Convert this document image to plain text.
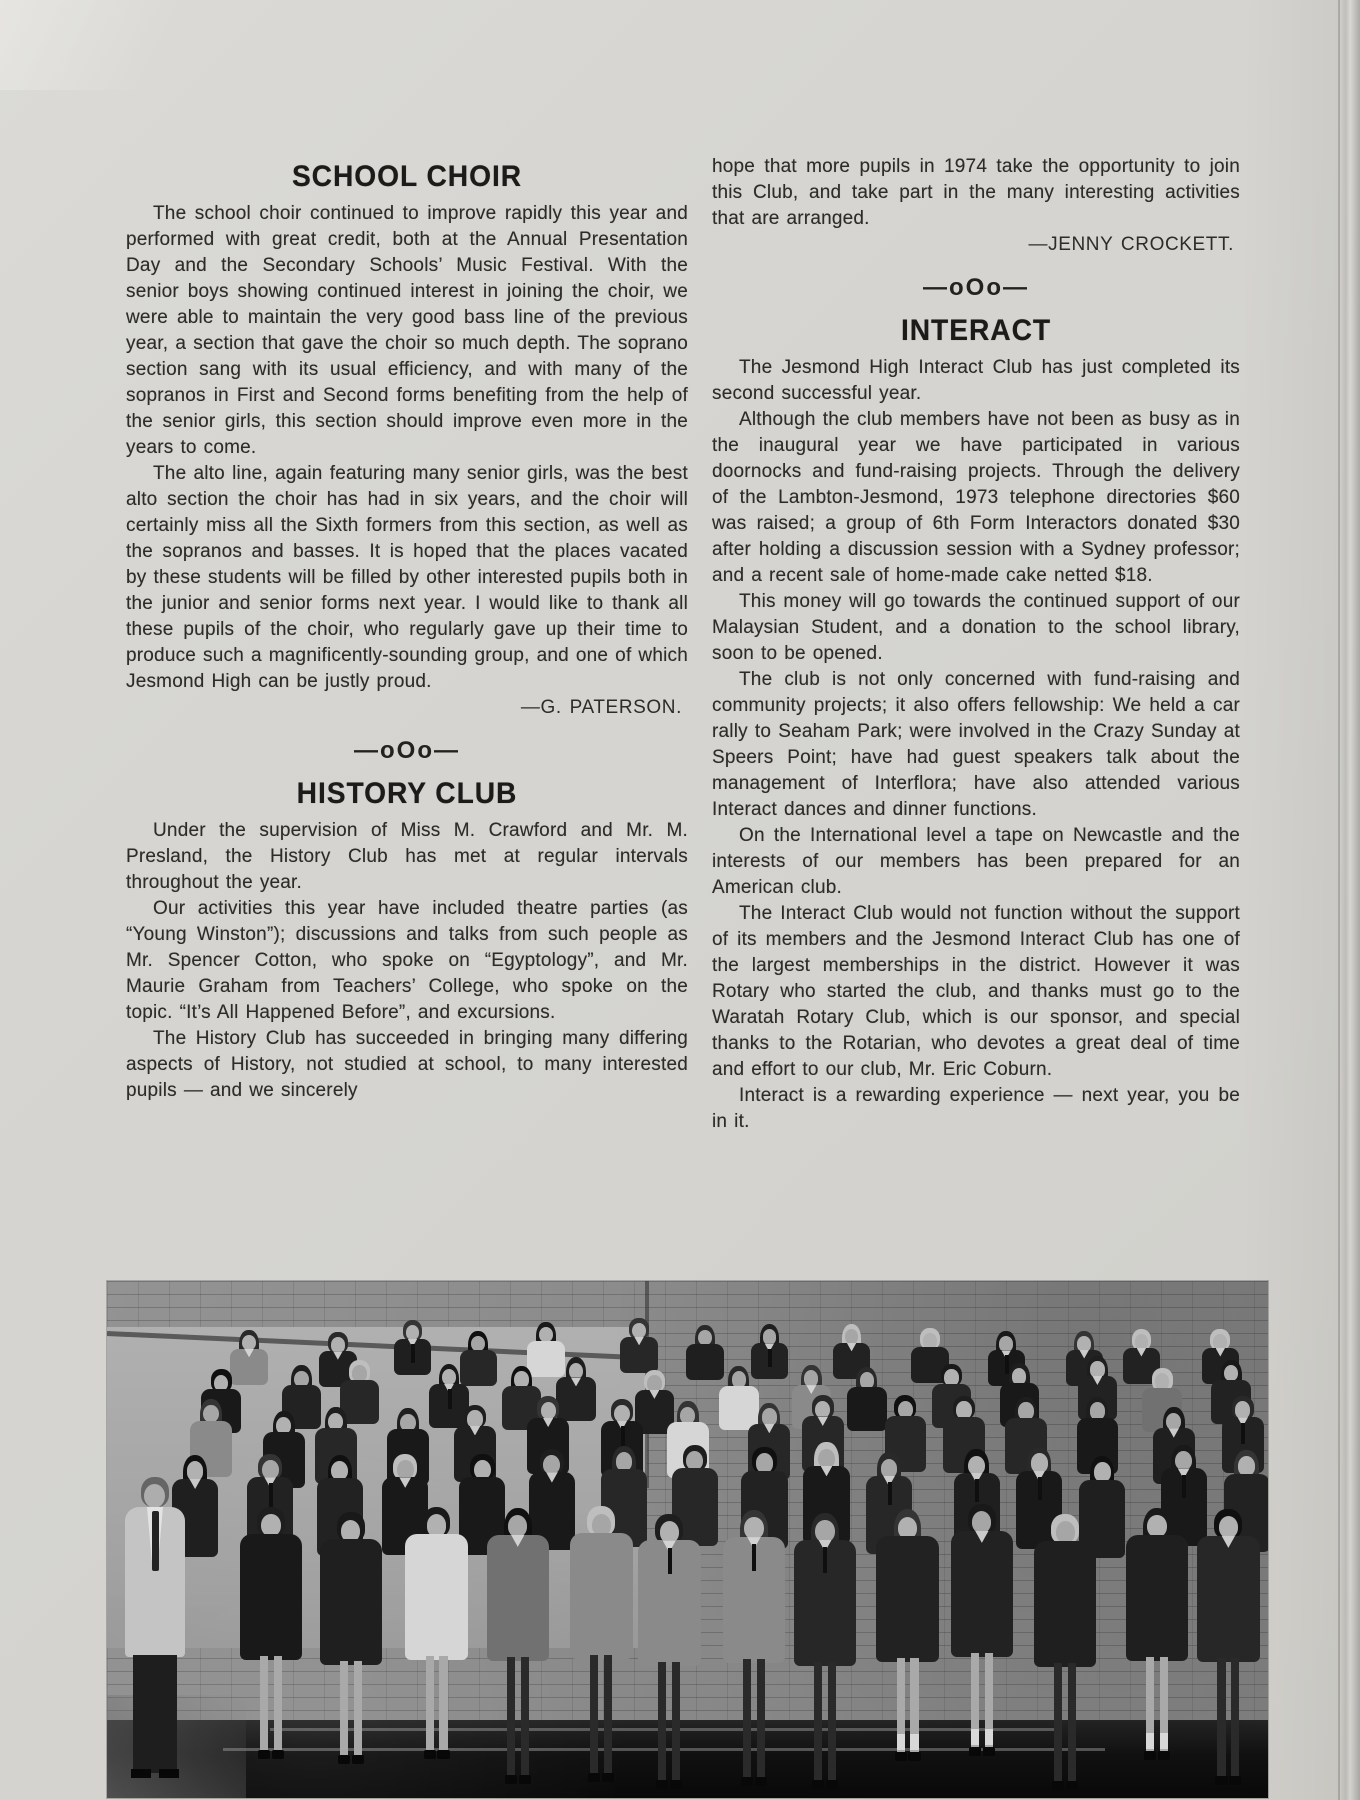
SCHOOL CHOIR

The school choir continued to improve rapidly this year and performed with great credit, both at the Annual Presentation Day and the Secondary Schools’ Music Festival. With the senior boys showing continued interest in joining the choir, we were able to maintain the very good bass line of the previous year, a section that gave the choir so much depth. The soprano section sang with its usual efficiency, and with many of the sopranos in First and Second forms benefiting from the help of the senior girls, this section should improve even more in the years to come.

The alto line, again featuring many senior girls, was the best alto section the choir has had in six years, and the choir will certainly miss all the Sixth formers from this section, as well as the sopranos and basses. It is hoped that the places vacated by these students will be filled by other interested pupils both in the junior and senior forms next year. I would like to thank all these pupils of the choir, who regularly gave up their time to produce such a magnificently-sounding group, and one of which Jesmond High can be justly proud.

—G. PATERSON.

—oOo—
HISTORY CLUB

Under the supervision of Miss M. Crawford and Mr. M. Presland, the History Club has met at regular intervals throughout the year.

Our activities this year have included theatre parties (as “Young Winston”); discussions and talks from such people as Mr. Spencer Cotton, who spoke on “Egyptology”, and Mr. Maurie Graham from Teachers’ College, who spoke on the topic. “It’s All Happened Before”, and excursions.

The History Club has succeeded in bringing many differing aspects of History, not studied at school, to many interested pupils — and we sincerely

hope that more pupils in 1974 take the opportunity to join this Club, and take part in the many interesting activities that are arranged.

—JENNY CROCKETT.

—oOo—
INTERACT

The Jesmond High Interact Club has just completed its second successful year.

Although the club members have not been as busy as in the inaugural year we have participated in various doornocks and fund-raising projects. Through the delivery of the Lambton-Jesmond, 1973 telephone directories $60 was raised; a group of 6th Form Interactors donated $30 after holding a discussion session with a Sydney professor; and a recent sale of home-made cake netted $18.

This money will go towards the continued support of our Malaysian Student, and a donation to the school library, soon to be opened.

The club is not only concerned with fund-raising and community projects; it also offers fellowship: We held a car rally to Seaham Park; were involved in the Crazy Sunday at Speers Point; have had guest speakers talk about the management of Interflora; have also attended various Interact dances and dinner functions.

On the International level a tape on Newcastle and the interests of our members has been prepared for an American club.

The Interact Club would not function without the support of its members and the Jesmond Interact Club has one of the largest memberships in the district. However it was Rotary who started the club, and thanks must go to the Waratah Rotary Club, which is our sponsor, and special thanks to the Rotarian, who devotes a great deal of time and effort to our club, Mr. Eric Coburn.

Interact is a rewarding experience — next year, you be in it.
